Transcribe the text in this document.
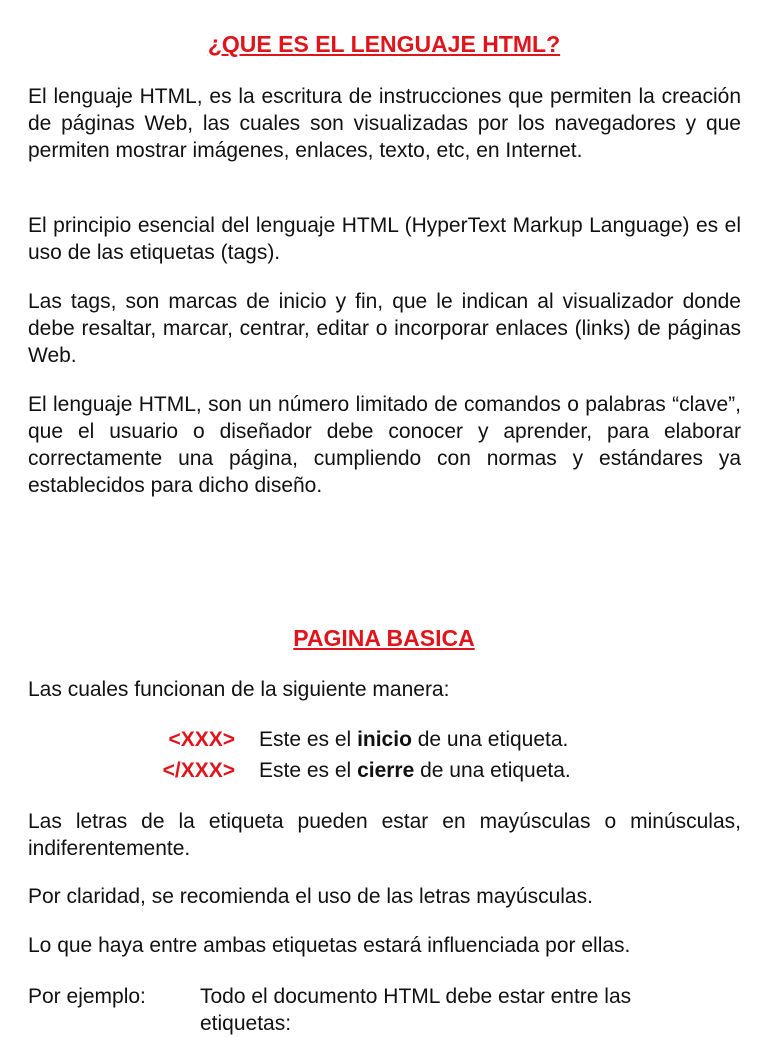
¿QUE ES EL LENGUAJE HTML?

El lenguaje HTML, es la escritura de instrucciones que permiten la creación de páginas Web, las cuales son visualizadas por los navegadores y que permiten mostrar imágenes, enlaces, texto, etc, en Internet.

El principio esencial del lenguaje HTML (HyperText Markup Language) es el uso de las etiquetas (tags).

Las tags, son marcas de inicio y fin, que le indican al visualizador donde debe resaltar, marcar, centrar, editar o incorporar enlaces (links) de páginas Web.

El lenguaje HTML, son un número limitado de comandos o palabras “clave”, que el usuario o diseñador debe conocer y aprender, para elaborar correctamente una página, cumpliendo con normas y estándares ya establecidos para dicho diseño.

PAGINA BASICA

Las cuales funcionan de la siguiente manera:

<XXX> Este es el inicio de una etiqueta.
</XXX> Este es el cierre de una etiqueta.

Las letras de la etiqueta pueden estar en mayúsculas o minúsculas, indiferentemente.

Por claridad, se recomienda el uso de las letras mayúsculas.

Lo que haya entre ambas etiquetas estará influenciada por ellas.

Por ejemplo:	Todo el documento HTML debe estar entre las etiquetas:
